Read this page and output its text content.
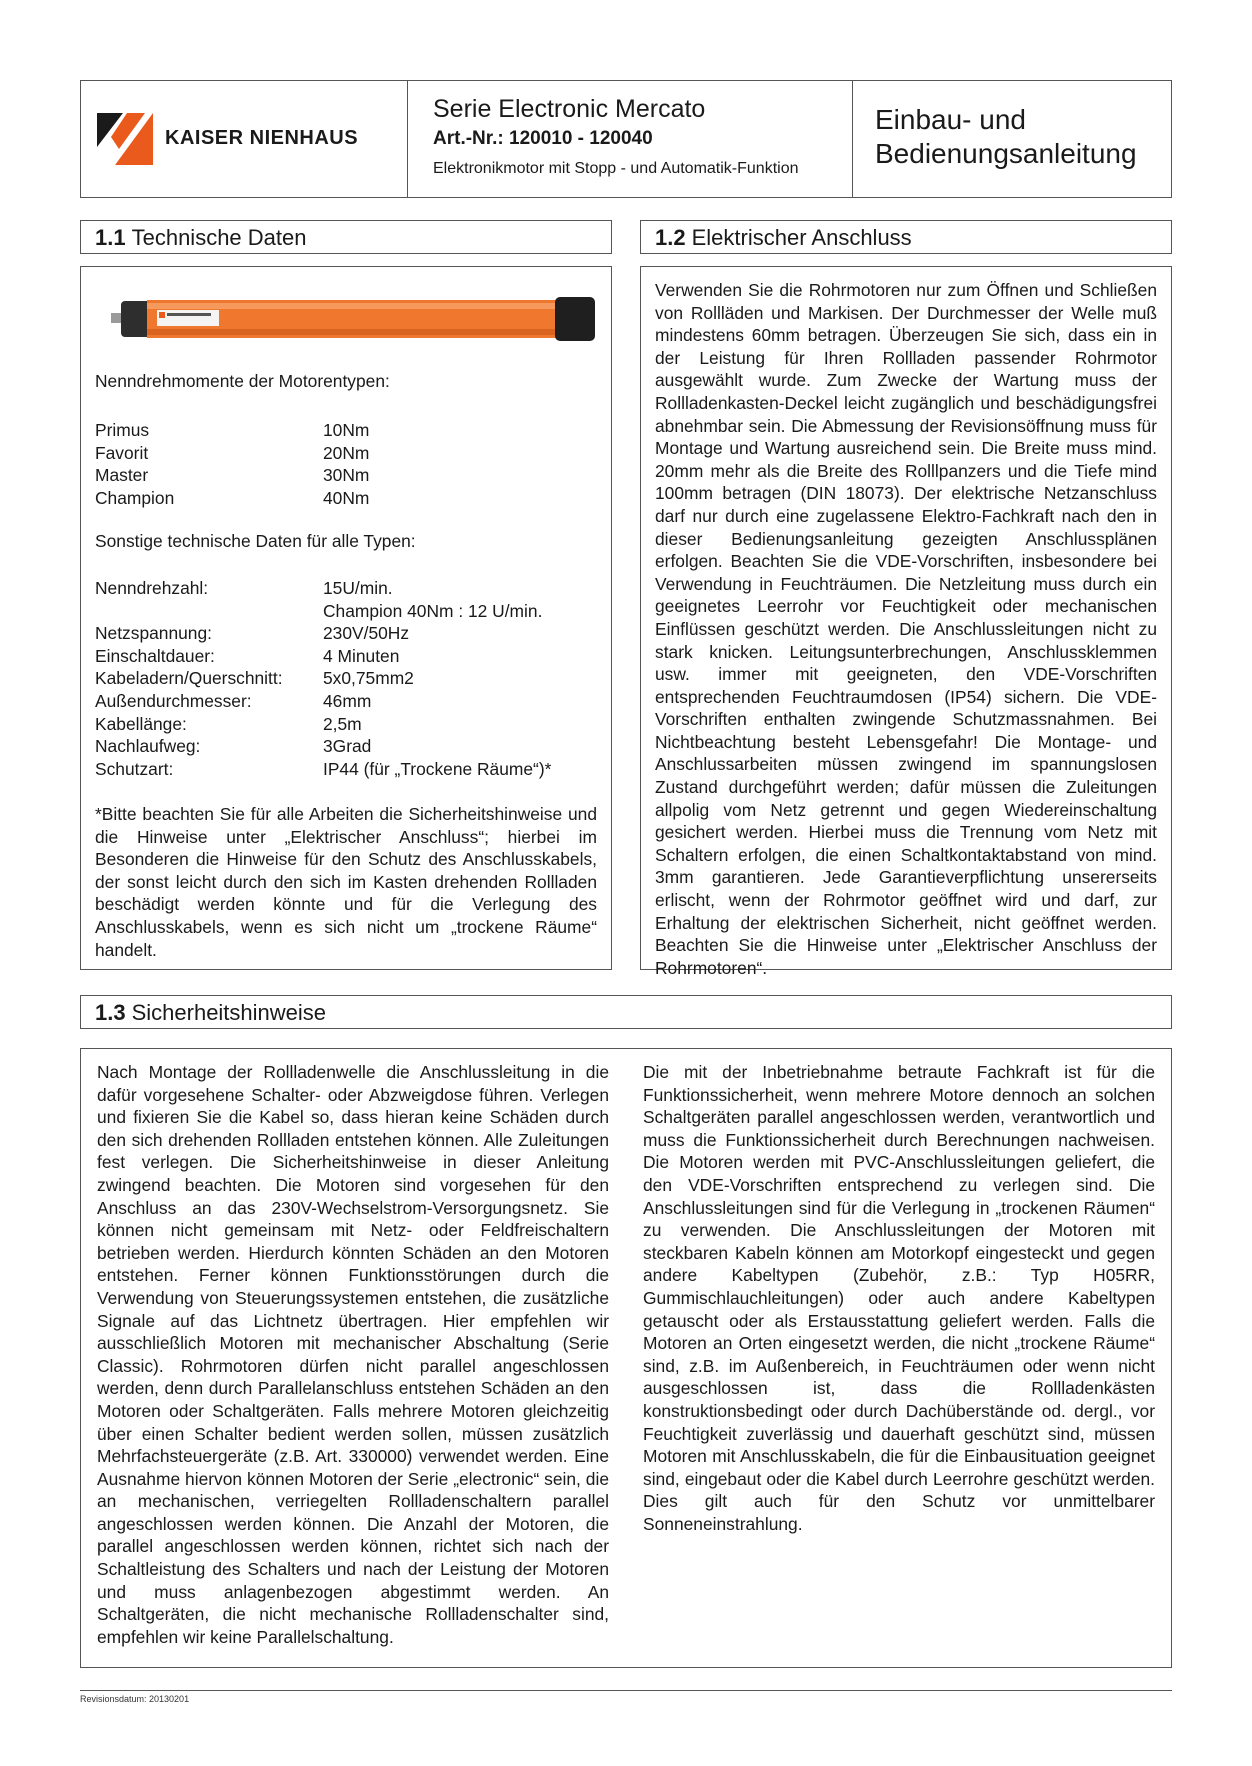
KAISER NIENHAUS
Serie Electronic Mercato
Art.-Nr.: 120010 - 120040
Elektronikmotor mit Stopp - und Automatik-Funktion
Einbau- und
Bedienungsanleitung
1.1 Technische Daten	1.2 Elektrischer Anschluss
Nenndrehmomente der Motorentypen:
Primus	10Nm
Favorit	20Nm
Master	30Nm
Champion	40Nm
Sonstige technische Daten für alle Typen:
Nenndrehzahl:	15U/min.
Champion 40Nm : 12 U/min.
Netzspannung:	230V/50Hz
Einschaltdauer:	4 Minuten
Kabeladern/Querschnitt:	5x0,75mm2
Außendurchmesser:	46mm
Kabellänge:	2,5m
Nachlaufweg:	3Grad
Schutzart:	IP44 (für „Trockene Räume“)*

*Bitte beachten Sie für alle Arbeiten die Sicherheitshinweise und die Hinweise unter „Elektrischer Anschluss“; hierbei im Besonderen die Hinweise für den Schutz des Anschlusskabels, der sonst leicht durch den sich im Kasten drehenden Rollladen beschädigt werden könnte und für die Verlegung des Anschlusskabels, wenn es sich nicht um „trockene Räume“ handelt.

Verwenden Sie die Rohrmotoren nur zum Öffnen und Schließen von Rollläden und Markisen. Der Durchmesser der Welle muß mindestens 60mm betragen. Überzeugen Sie sich, dass ein in der Leistung für Ihren Rollladen passender Rohrmotor ausgewählt wurde. Zum Zwecke der Wartung muss der Rollladenkasten-Deckel leicht zugänglich und beschädigungsfrei abnehmbar sein. Die Abmessung der Revisionsöffnung muss für Montage und Wartung ausreichend sein. Die Breite muss mind. 20mm mehr als die Breite des Rolllpanzers und die Tiefe mind 100mm betragen (DIN 18073). Der elektrische Netzanschluss darf nur durch eine zugelassene Elektro-Fachkraft nach den in dieser Bedienungsanleitung gezeigten Anschlussplänen erfolgen. Beachten Sie die VDE-Vorschriften, insbesondere bei Verwendung in Feuchträumen. Die Netzleitung muss durch ein geeignetes Leerrohr vor Feuchtigkeit oder mechanischen Einflüssen geschützt werden. Die Anschlussleitungen nicht zu stark knicken. Leitungsunterbrechungen, Anschlussklemmen usw. immer mit geeigneten, den VDE-Vorschriften entsprechenden Feuchtraumdosen (IP54) sichern. Die VDE-Vorschriften enthalten zwingende Schutzmassnahmen. Bei Nichtbeachtung besteht Lebensgefahr! Die Montage- und Anschlussarbeiten müssen zwingend im spannungslosen Zustand durchgeführt werden; dafür müssen die Zuleitungen allpolig vom Netz getrennt und gegen Wiedereinschaltung gesichert werden. Hierbei muss die Trennung vom Netz mit Schaltern erfolgen, die einen Schaltkontaktabstand von mind. 3mm garantieren. Jede Garantieverpflichtung unsererseits erlischt, wenn der Rohrmotor geöffnet wird und darf, zur Erhaltung der elektrischen Sicherheit, nicht geöffnet werden. Beachten Sie die Hinweise unter „Elektrischer Anschluss der Rohrmotoren“.

1.3 Sicherheitshinweise

Nach Montage der Rollladenwelle die Anschlussleitung in die dafür vorgesehene Schalter- oder Abzweigdose führen. Verlegen und fixieren Sie die Kabel so, dass hieran keine Schäden durch den sich drehenden Rollladen entstehen können. Alle Zuleitungen fest verlegen. Die Sicherheitshinweise in dieser Anleitung zwingend beachten. Die Motoren sind vorgesehen für den Anschluss an das 230V-Wechselstrom-Versorgungsnetz. Sie können nicht gemeinsam mit Netz- oder Feldfreischaltern betrieben werden. Hierdurch könnten Schäden an den Motoren entstehen. Ferner können Funktionsstörungen durch die Verwendung von Steuerungssystemen entstehen, die zusätzliche Signale auf das Lichtnetz übertragen. Hier empfehlen wir ausschließlich Motoren mit mechanischer Abschaltung (Serie Classic). Rohrmotoren dürfen nicht parallel angeschlossen werden, denn durch Parallelanschluss entstehen Schäden an den Motoren oder Schaltgeräten. Falls mehrere Motoren gleichzeitig über einen Schalter bedient werden sollen, müssen zusätzlich Mehrfachsteuergeräte (z.B. Art. 330000) verwendet werden. Eine Ausnahme hiervon können Motoren der Serie „electronic“ sein, die an mechanischen, verriegelten Rollladenschaltern parallel angeschlossen werden können. Die Anzahl der Motoren, die parallel angeschlossen werden können, richtet sich nach der Schaltleistung des Schalters und nach der Leistung der Motoren und muss anlagenbezogen abgestimmt werden. An Schaltgeräten, die nicht mechanische Rollladenschalter sind, empfehlen wir keine Parallelschaltung.

Die mit der Inbetriebnahme betraute Fachkraft ist für die Funktionssicherheit, wenn mehrere Motore dennoch an solchen Schaltgeräten parallel angeschlossen werden, verantwortlich und muss die Funktionssicherheit durch Berechnungen nachweisen. Die Motoren werden mit PVC-Anschlussleitungen geliefert, die den VDE-Vorschriften entsprechend zu verlegen sind. Die Anschlussleitungen sind für die Verlegung in „trockenen Räumen“ zu verwenden. Die Anschlussleitungen der Motoren mit steckbaren Kabeln können am Motorkopf eingesteckt und gegen andere Kabeltypen (Zubehör, z.B.: Typ H05RR, Gummischlauchleitungen) oder auch andere Kabeltypen getauscht oder als Erstausstattung geliefert werden. Falls die Motoren an Orten eingesetzt werden, die nicht „trockene Räume“ sind, z.B. im Außenbereich, in Feuchträumen oder wenn nicht ausgeschlossen ist, dass die Rollladenkästen konstruktionsbedingt oder durch Dachüberstände od. dergl., vor Feuchtigkeit zuverlässig und dauerhaft geschützt sind, müssen Motoren mit Anschlusskabeln, die für die Einbausituation geeignet sind, eingebaut oder die Kabel durch Leerrohre geschützt werden. Dies gilt auch für den Schutz vor unmittelbarer Sonneneinstrahlung.

Revisionsdatum: 20130201
